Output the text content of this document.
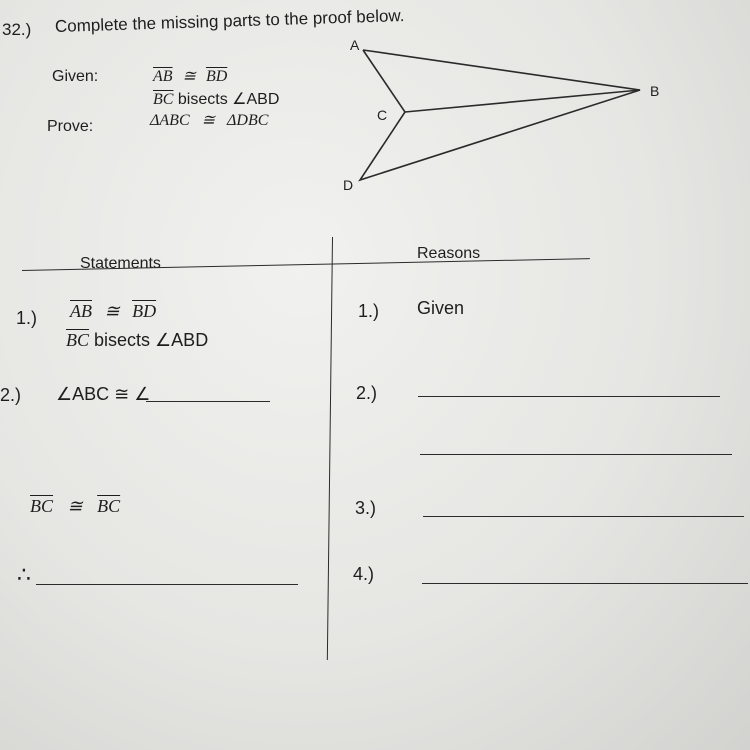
32.) Complete the missing parts to the proof below.
Given:	$\overline{AB}$ ≅ $\overline{BD}$
$\overline{BC}$ bisects ∠ABD
Prove:	ΔABC ≅ ΔDBC
A
B
C
D
Statements
Reasons
1.) $\overline{AB}$ ≅ $\overline{BD}$
$\overline{BC}$ bisects ∠ABD
1.) Given
2.) ∠ABC ≅ ∠	2.)
$\overline{BC}$ ≅ $\overline{BC}$	3.)
∴	4.)
